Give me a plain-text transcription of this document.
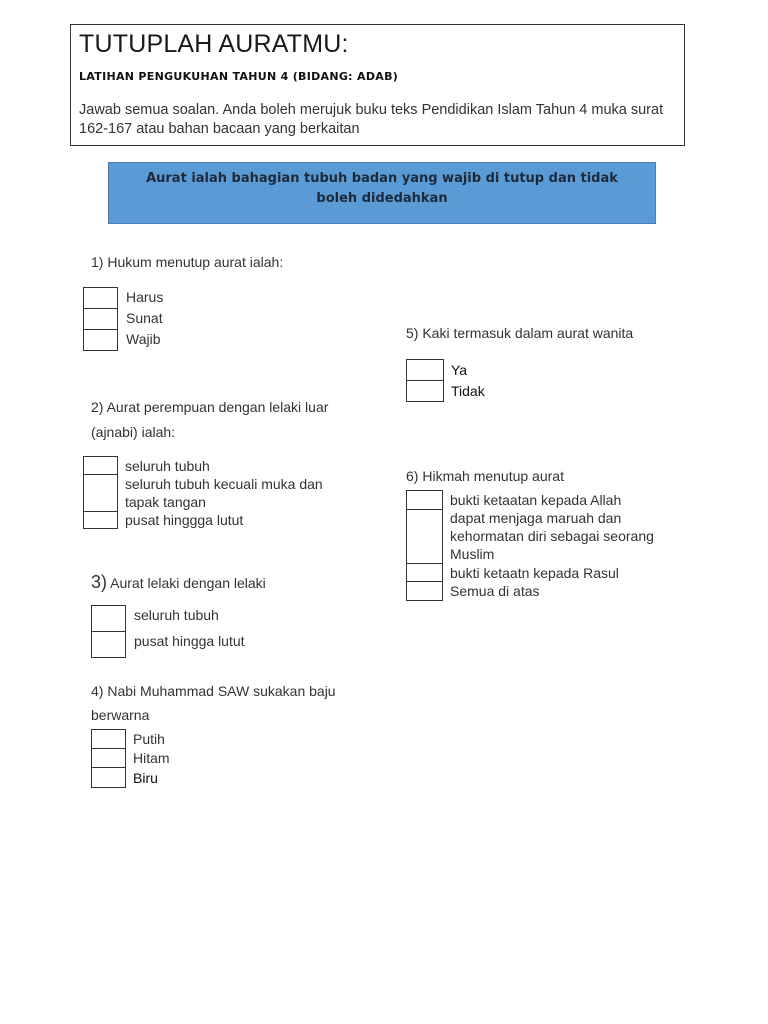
TUTUPLAH AURATMU:
LATIHAN PENGUKUHAN TAHUN 4 (BIDANG: ADAB)
Jawab semua soalan. Anda boleh merujuk buku teks Pendidikan Islam Tahun 4 muka surat 162-167 atau bahan bacaan yang berkaitan
Aurat ialah bahagian tubuh badan yang wajib di tutup dan tidak boleh didedahkan
1) Hukum menutup aurat ialah:
Harus
Sunat
Wajib
2) Aurat perempuan dengan lelaki luar
(ajnabi) ialah:
seluruh tubuh
seluruh tubuh kecuali muka dan
tapak tangan
pusat hinggga lutut
3) Aurat lelaki dengan lelaki
seluruh tubuh
pusat hingga lutut
4) Nabi Muhammad SAW sukakan baju
berwarna
Putih
Hitam
Biru
5) Kaki termasuk dalam aurat wanita
Ya
Tidak
6) Hikmah menutup aurat
bukti ketaatan kepada Allah
dapat menjaga maruah dan
kehormatan diri sebagai seorang
Muslim
bukti ketaatn kepada Rasul
Semua di atas
